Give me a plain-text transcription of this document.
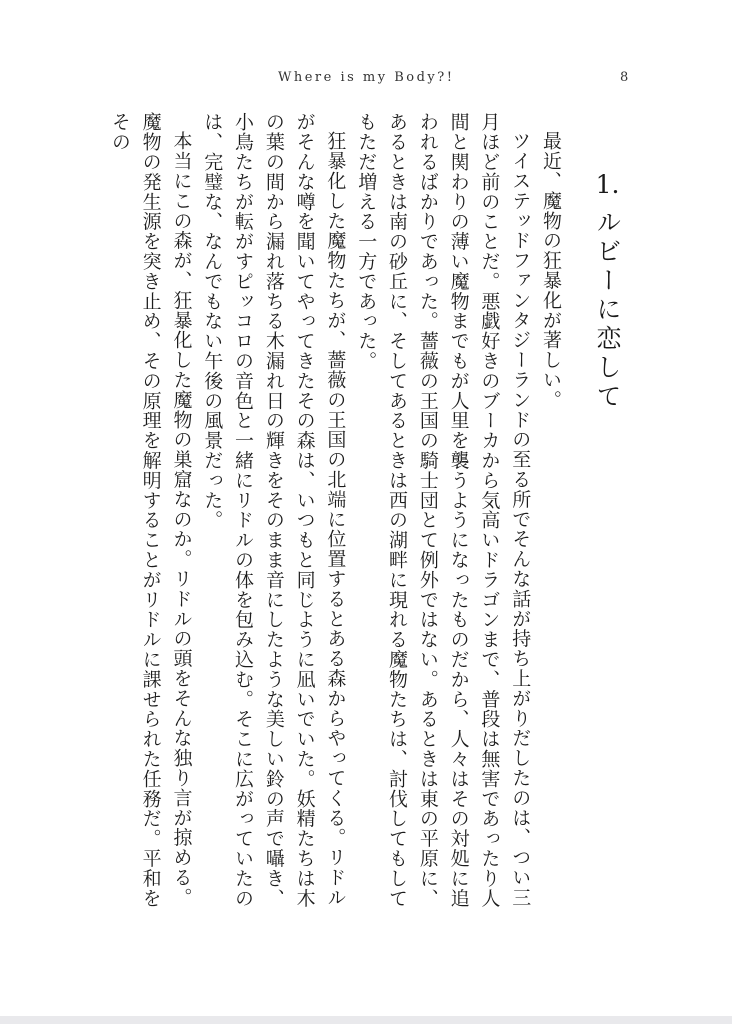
Where is my Body?!	8
1. ルビーに恋して

最近、魔物の狂暴化が著しい。

ツイステッドファンタジーランドの至る所でそんな話が持ち上がりだしたのは、つい三月ほど前のことだ。悪戯好きのブーカから気高いドラゴンまで、普段は無害であったり人間と関わりの薄い魔物までもが人里を襲うようになったものだから、人々はその対処に追われるばかりであった。薔薇の王国の騎士団とて例外ではない。あるときは東の平原に、あるときは南の砂丘に、そしてあるときは西の湖畔に現れる魔物たちは、討伐してもしてもただ増える一方であった。

狂暴化した魔物たちが、薔薇の王国の北端に位置するとある森からやってくる。リドルがそんな噂を聞いてやってきたその森は、いつもと同じように凪いでいた。妖精たちは木の葉の間から漏れ落ちる木漏れ日の輝きをそのまま音にしたような美しい鈴の声で囁き、小鳥たちが転がすピッコロの音色と一緒にリドルの体を包み込む。そこに広がっていたのは、完璧な、なんでもない午後の風景だった。

本当にこの森が、狂暴化した魔物の巣窟なのか。リドルの頭をそんな独り言が掠める。魔物の発生源を突き止め、その原理を解明することがリドルに課せられた任務だ。平和をその
